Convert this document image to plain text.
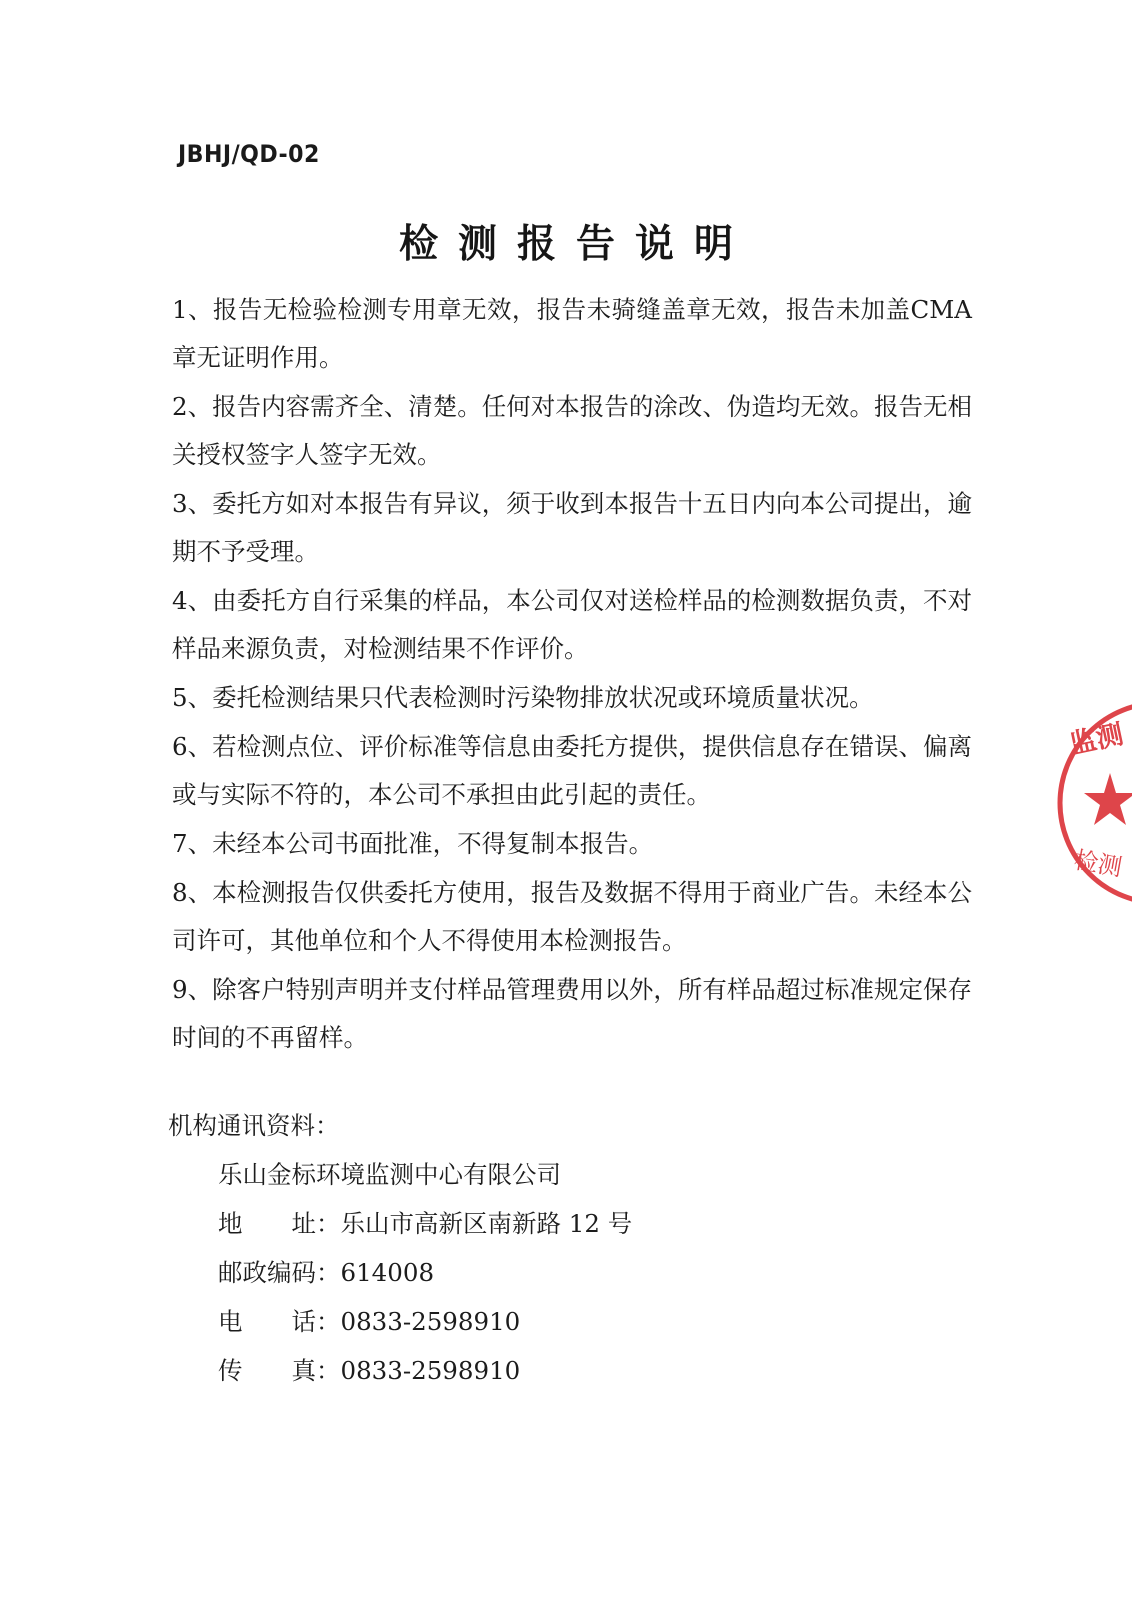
JBHJ/QD-02
检测报告说明
1、报告无检验检测专用章无效，报告未骑缝盖章无效，报告未加盖CMA 章无证明作用。
2、报告内容需齐全、清楚。任何对本报告的涂改、伪造均无效。报告无相关授权签字人签字无效。
3、委托方如对本报告有异议，须于收到本报告十五日内向本公司提出，逾期不予受理。
4、由委托方自行采集的样品，本公司仅对送检样品的检测数据负责，不对样品来源负责，对检测结果不作评价。
5、委托检测结果只代表检测时污染物排放状况或环境质量状况。
6、若检测点位、评价标准等信息由委托方提供，提供信息存在错误、偏离或与实际不符的，本公司不承担由此引起的责任。
7、未经本公司书面批准，不得复制本报告。
8、本检测报告仅供委托方使用，报告及数据不得用于商业广告。未经本公司许可，其他单位和个人不得使用本检测报告。
9、除客户特别声明并支付样品管理费用以外，所有样品超过标准规定保存时间的不再留样。

机构通讯资料：

乐山金标环境监测中心有限公司
地　　址：乐山市高新区南新路 12 号
邮政编码：614008
电　　话：0833-2598910
传　　真：0833-2598910
监测
检测
